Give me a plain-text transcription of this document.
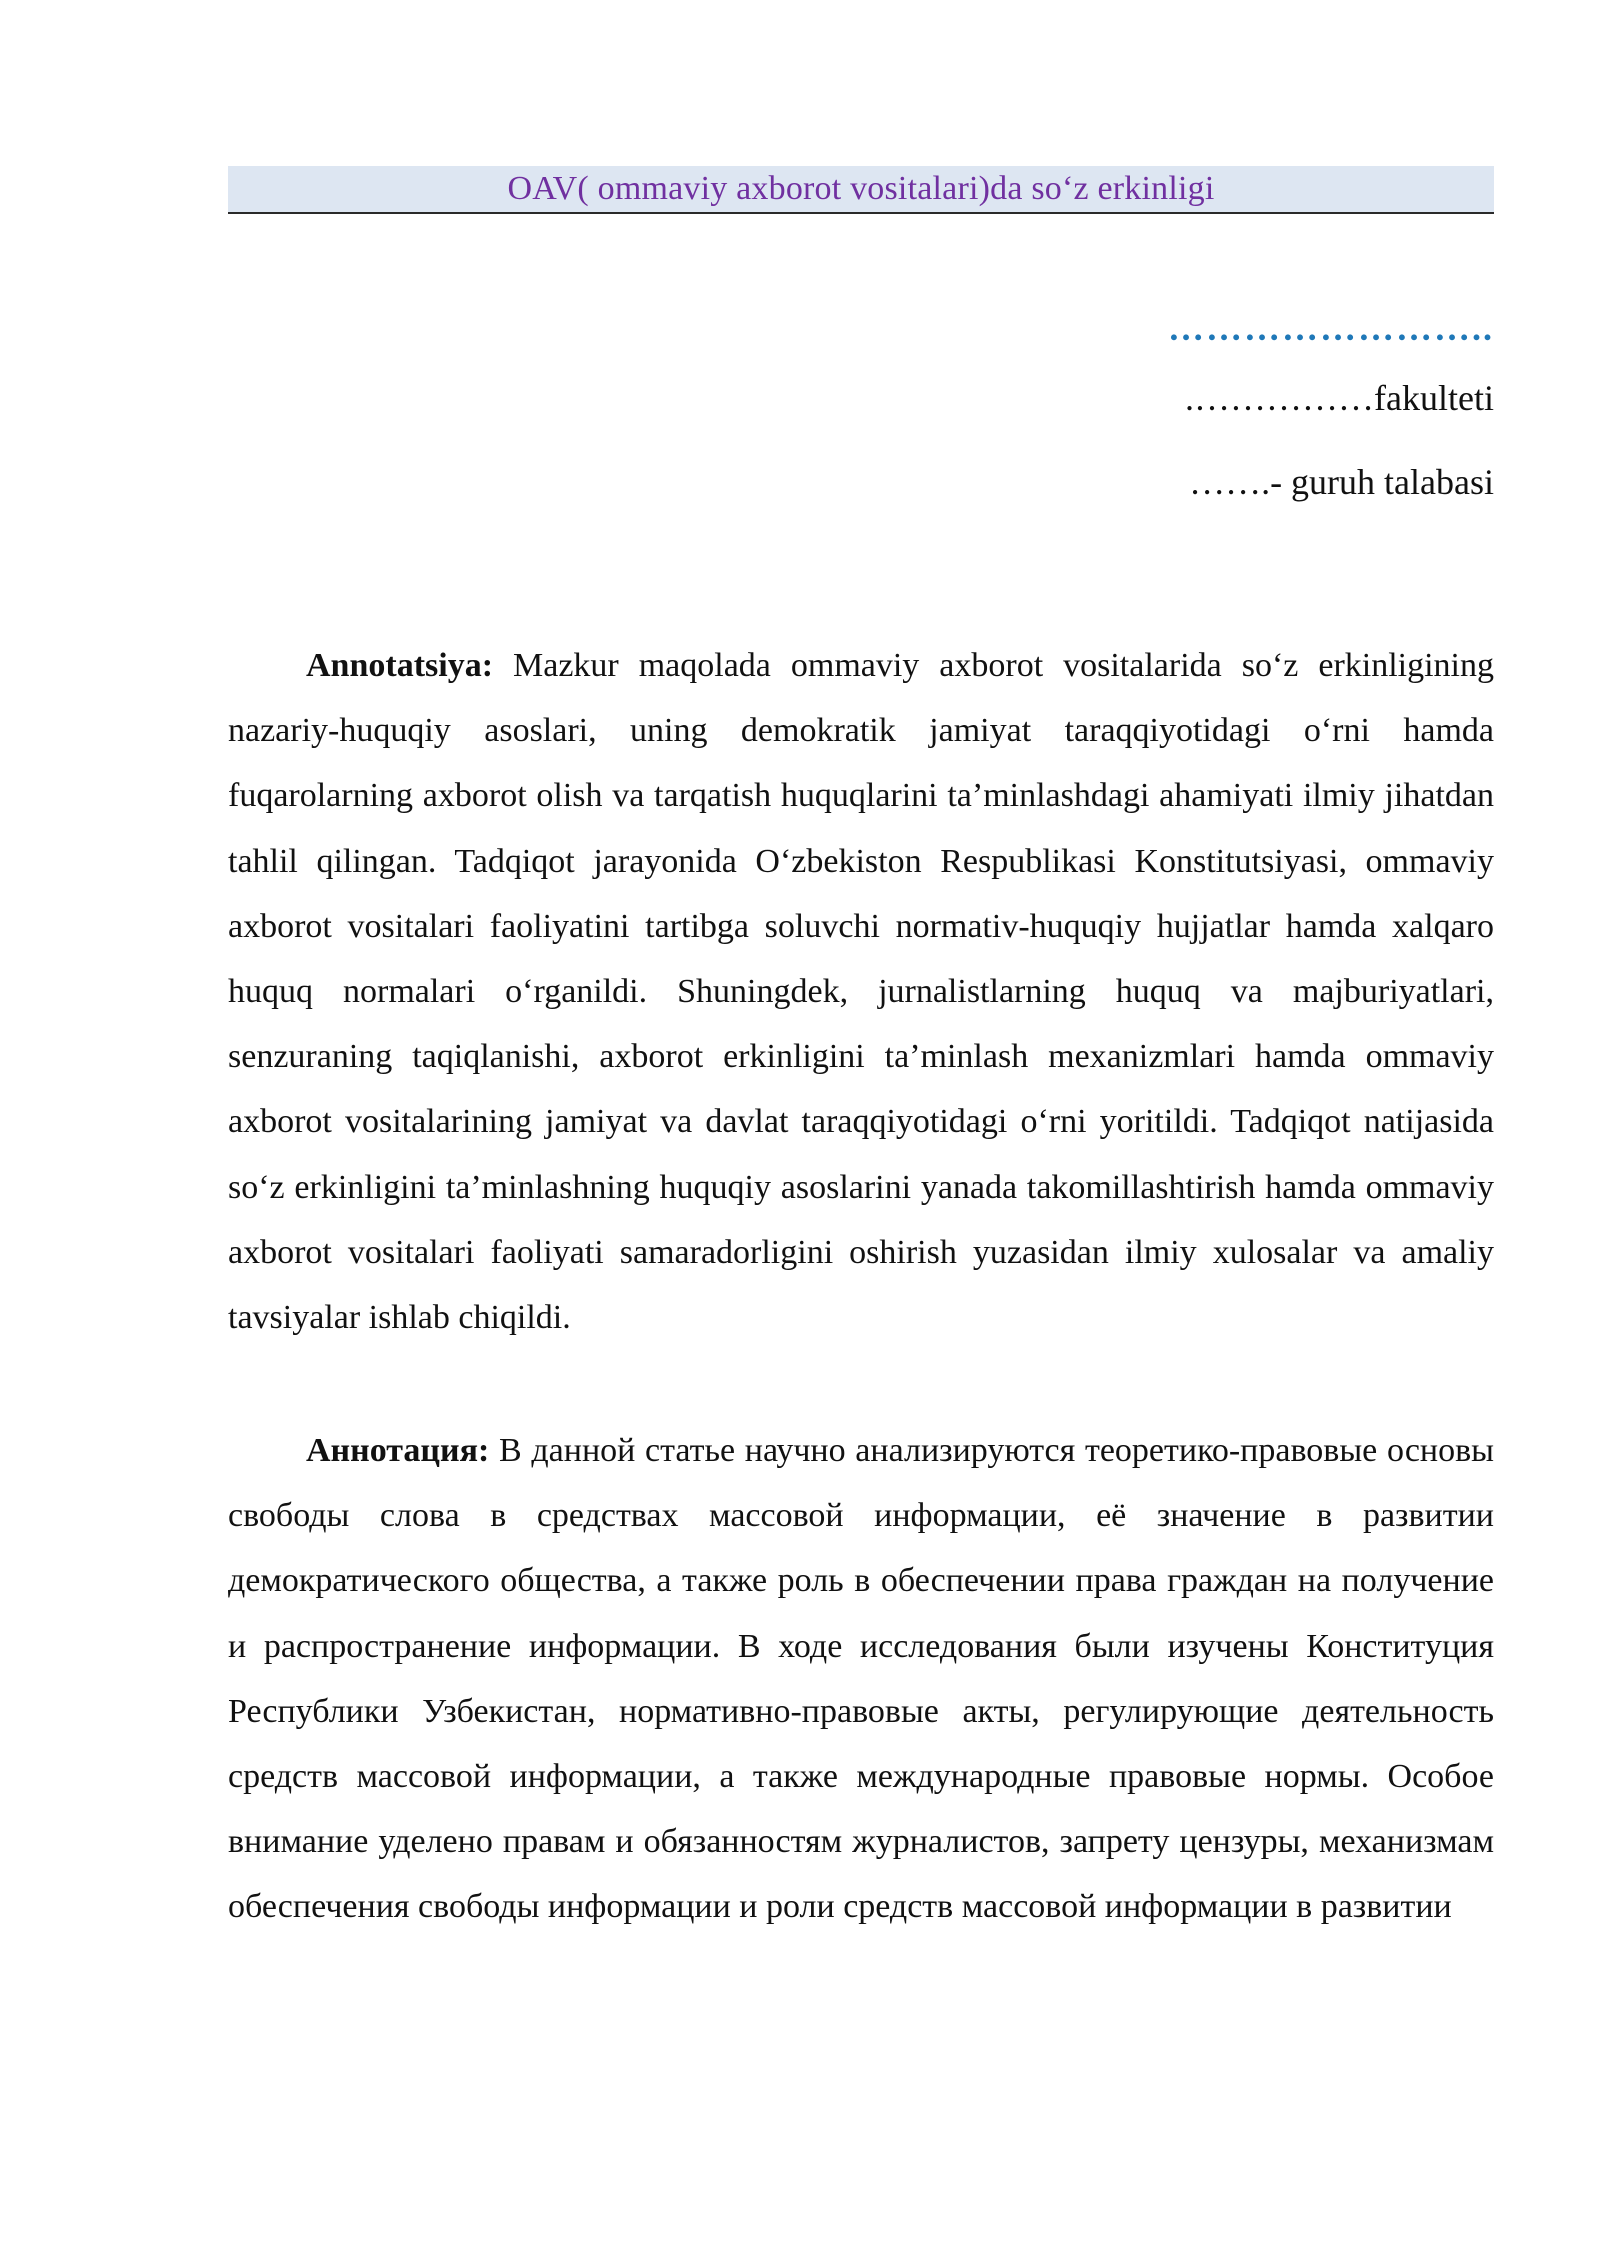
OAV( ommaviy axborot vositalari)da so‘z erkinligi
……………………..
.……………fakulteti
…….- guruh talabasi

Annotatsiya: Mazkur maqolada ommaviy axborot vositalarida so‘z erkinligining nazariy-huquqiy asoslari, uning demokratik jamiyat taraqqiyotidagi o‘rni hamda fuqarolarning axborot olish va tarqatish huquqlarini ta’minlashdagi ahamiyati ilmiy jihatdan tahlil qilingan. Tadqiqot jarayonida O‘zbekiston Respublikasi Konstitutsiyasi, ommaviy axborot vositalari faoliyatini tartibga soluvchi normativ-huquqiy hujjatlar hamda xalqaro huquq normalari o‘rganildi. Shuningdek, jurnalistlarning huquq va majburiyatlari, senzuraning taqiqlanishi, axborot erkinligini ta’minlash mexanizmlari hamda ommaviy axborot vositalarining jamiyat va davlat taraqqiyotidagi o‘rni yoritildi. Tadqiqot natijasida so‘z erkinligini ta’minlashning huquqiy asoslarini yanada takomillashtirish hamda ommaviy axborot vositalari faoliyati samaradorligini oshirish yuzasidan ilmiy xulosalar va amaliy tavsiyalar ishlab chiqildi.

Аннотация: В данной статье научно анализируются теоретико-правовые основы свободы слова в средствах массовой информации, её значение в развитии демократического общества, а также роль в обеспечении права граждан на получение и распространение информации. В ходе исследования были изучены Конституция Республики Узбекистан, нормативно-правовые акты, регулирующие деятельность средств массовой информации, а также международные правовые нормы. Особое внимание уделено правам и обязанностям журналистов, запрету цензуры, механизмам обеспечения свободы информации и роли средств массовой информации в развитии
